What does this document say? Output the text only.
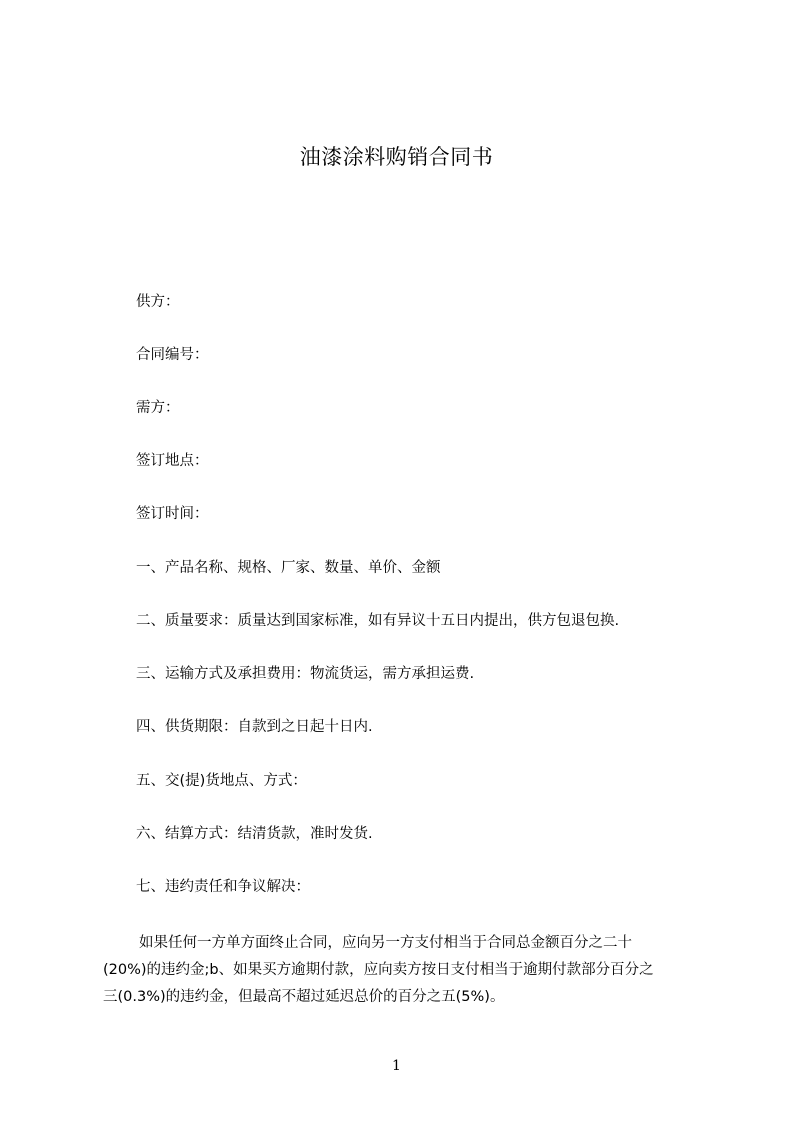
油漆涂料购销合同书
供方：
合同编号：
需方：
签订地点：
签订时间：
一、产品名称、规格、厂家、数量、单价、金额
二、质量要求：质量达到国家标准，如有异议十五日内提出，供方包退包换.
三、运输方式及承担费用：物流货运，需方承担运费.
四、供货期限：自款到之日起十日内.
五、交(提)货地点、方式：
六、结算方式：结清货款，准时发货.
七、违约责任和争议解决：
如果任何一方单方面终止合同，应向另一方支付相当于合同总金额百分之二十
(20%)的违约金;b、如果买方逾期付款，应向卖方按日支付相当于逾期付款部分百分之
三(0.3%)的违约金，但最高不超过延迟总价的百分之五(5%)。
1
